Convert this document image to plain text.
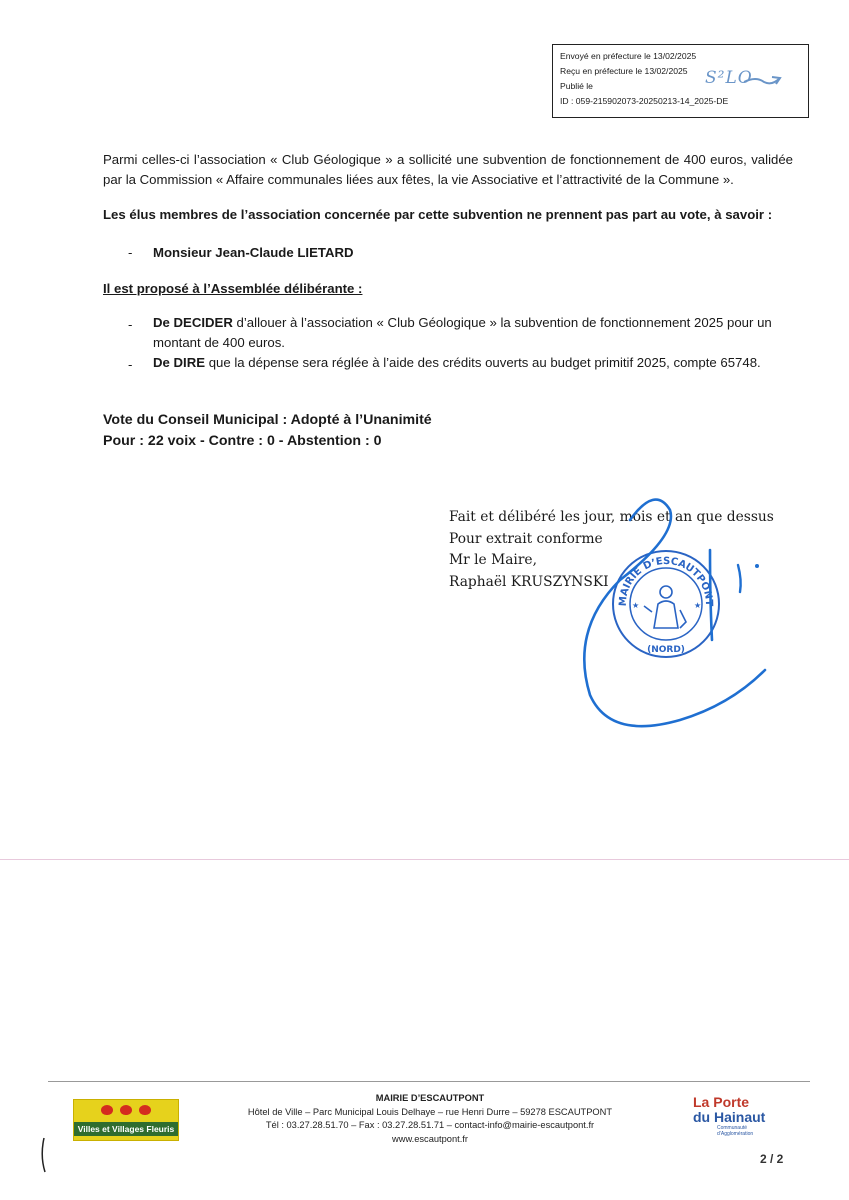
Envoyé en préfecture le 13/02/2025
Reçu en préfecture le 13/02/2025
Publié le
ID : 059-215902073-20250213-14_2025-DE
S²LO
Parmi celles-ci l’association « Club Géologique » a sollicité une subvention de fonctionnement de 400 euros, validée par la Commission « Affaire communales liées aux fêtes, la vie Associative et l’attractivité de la Commune ».
Les élus membres de l’association concernée par cette subvention ne prennent pas part au vote, à savoir :
- Monsieur Jean-Claude LIETARD
Il est proposé à l’Assemblée délibérante :
- De DECIDER d’allouer à l’association « Club Géologique » la subvention de fonctionnement 2025 pour un montant de 400 euros.
- De DIRE que la dépense sera réglée à l’aide des crédits ouverts au budget primitif 2025, compte 65748.
Vote du Conseil Municipal : Adopté à l’Unanimité
Pour : 22 voix - Contre : 0 - Abstention : 0
Fait et délibéré les jour, mois et an que dessus
Pour extrait conforme
Mr le Maire,
Raphaël KRUSZYNSKI
MAIRIE D’ESCAUTPONT
(NORD)
★	★
Villes et Villages Fleuris
MAIRIE D’ESCAUTPONT
Hôtel de Ville – Parc Municipal Louis Delhaye – rue Henri Durre – 59278 ESCAUTPONT
Tél : 03.27.28.51.70 – Fax : 03.27.28.51.71 – contact-info@mairie-escautpont.fr
www.escautpont.fr
La Porte
du Hainaut
Communauté d’Agglomération
2 / 2
